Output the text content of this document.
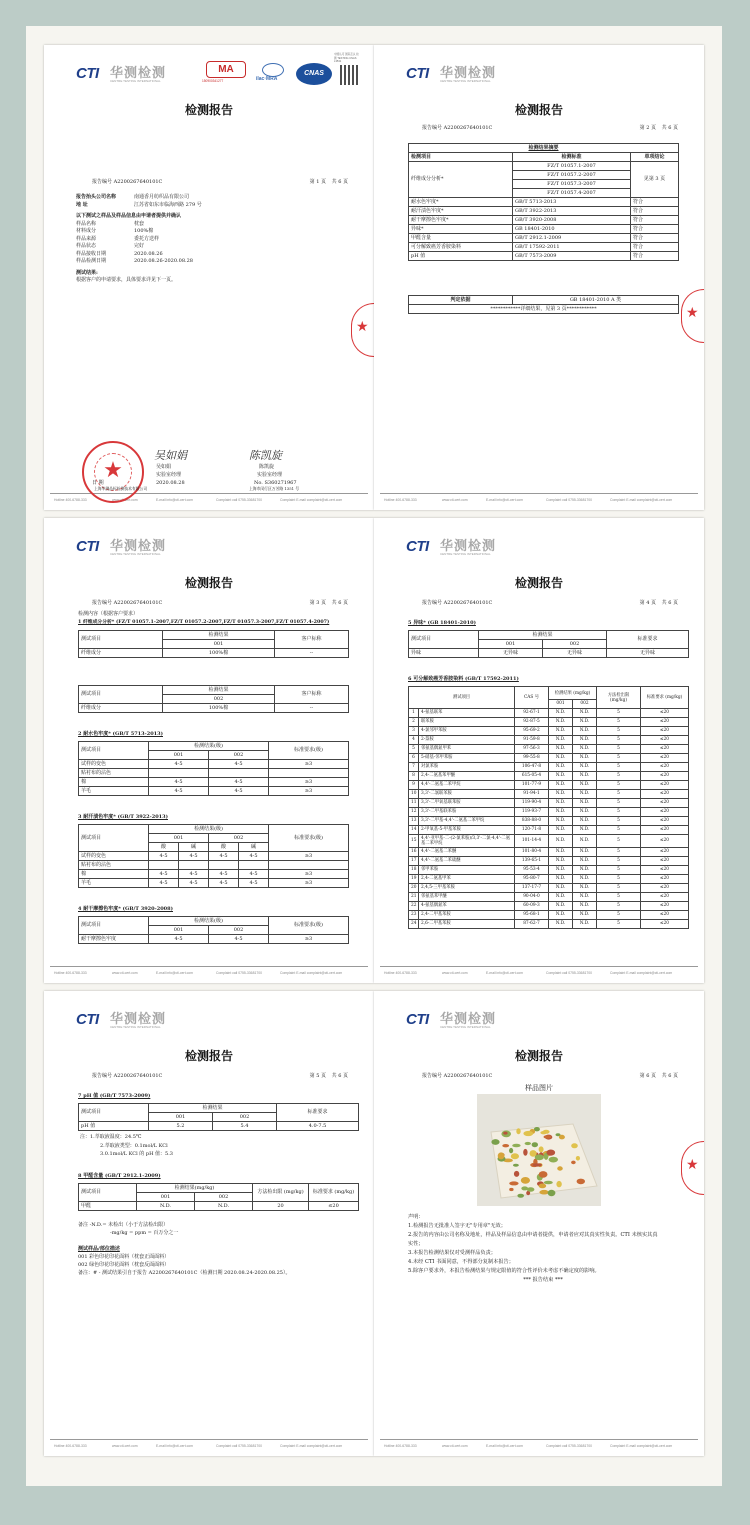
CTI 华测检测
CENTRE TESTING INTERNATIONAL
检测报告
Hotline 400-6788-333	www.cti-cert.com	E-mail info@cti-cert.com	Complaint call 0755-33681700	Complaint E-mail complaint@cti-cert.com
MA
150900341277	ilac·MRA
CNAS
中国认可 国际互认 检测 TESTING CNAS L3531
报告编号 A2200267640101C	第 1 页 共 6 页
报告抬头公司名称	南通香月纺织品有限公司
地 址	江苏省如东市临海西路 279 号
以下测试之样品及样品信息由申请者提供并确认
样品名称	枕套
材料成分	100%棉
样品来源	委托方送样
样品状态	完好
样品接收日期	2020.08.26
样品检测日期	2020.08.26-2020.08.28
测试结果:
根据客户的申请要求，具体要求详见下一页。
★
吴如娟	陈凯旋
★	吴如娟
实验室经理
2020.08.28
日 期
上海华测品标检测技术有限公司
陈凯旋
实验室经理
No. S360271967
上海市闵行区万芳路 1351 号
CTI 华测检测
CENTRE TESTING INTERNATIONAL
检测报告
Hotline 400-6788-333	www.cti-cert.com	E-mail info@cti-cert.com	Complaint call 0755-33681700	Complaint E-mail complaint@cti-cert.com
报告编号 A2200267640101C	第 2 页 共 6 页
检测结果摘要		
检测项目	检测标准	单项结论
纤维成分分析*	FZ/T 01057.1-2007	见第 3 页
	FZ/T 01057.2-2007	
	FZ/T 01057.3-2007	
	FZ/T 01057.4-2007	
耐水色牢度*	GB/T 5713-2013	符合
耐汗渍色牢度*	GB/T 3922-2013	符合
耐干摩擦色牢度*	GB/T 3920-2008	符合
异味*	GB 18401-2010	符合
甲醛含量	GB/T 2912.1-2009	符合
可分解致癌芳香胺染料	GB/T 17592-2011	符合
pH 值	GB/T 7573-2009	符合
判定依据	GB 18401-2010 A 类
************详细结果，见第 3 页************	★
CTI 华测检测
CENTRE TESTING INTERNATIONAL
检测报告
Hotline 400-6788-333	www.cti-cert.com	E-mail info@cti-cert.com	Complaint call 0755-33681700	Complaint E-mail complaint@cti-cert.com
报告编号 A2200267640101C	第 3 页 共 6 页
检测内容（根据客户要求）
1 纤维成分分析* (FZ/T 01057.1-2007,FZ/T 01057.2-2007,FZ/T 01057.3-2007,FZ/T 01057.4-2007)
测试项目	检测结果	客户标称
	001	
纤维成分	100%棉	--
测试项目	检测结果	客户标称
	002	
纤维成分	100%棉	--
2 耐水色牢度* (GB/T 5713-2013)
测试项目	检测结果(级)		标准要求(级)
	001	002	
试样的变色	4-5	4-5	≥3
贴衬布的沾色			
棉	4-5	4-5	≥3
羊毛	4-5	4-5	≥3
3 耐汗渍色牢度* (GB/T 3922-2013)
测试项目	检测结果(级)				标准要求(级)
	001		002		
	酸	碱	酸	碱	
试样的变色	4-5	4-5	4-5	4-5	≥3
贴衬布的沾色					
棉	4-5	4-5	4-5	4-5	≥3
羊毛	4-5	4-5	4-5	4-5	≥3
4 耐干摩擦色牢度* (GB/T 3920-2008)
测试项目	检测结果(级)		标准要求(级)
	001	002	
耐干摩擦色牢度	4-5	4-5	≥3
CTI 华测检测
CENTRE TESTING INTERNATIONAL
检测报告
Hotline 400-6788-333	www.cti-cert.com	E-mail info@cti-cert.com	Complaint call 0755-33681700	Complaint E-mail complaint@cti-cert.com
报告编号 A2200267640101C	第 4 页 共 6 页
5 异味* (GB 18401-2010)
测试项目	检测结果		标准要求
	001	002	
异味	无异味	无异味	无异味
6 可分解致癌芳香胺染料 (GB/T 17592-2011)
测试项目		CAS 号	检测结果 (mg/kg)		方法检出限 (mg/kg)	标准要求 (mg/kg)
			001	002		
1	4-氨基联苯	92-67-1	N.D.	N.D.	5	≤20
2	联苯胺	92-87-5	N.D.	N.D.	5	≤20
3	4-氯邻甲苯胺	95-69-2	N.D.	N.D.	5	≤20
4	2-萘胺	91-59-8	N.D.	N.D.	5	≤20
5	邻氨基偶氮甲苯	97-56-3	N.D.	N.D.	5	≤20
6	5-硝基-邻甲苯胺	99-55-8	N.D.	N.D.	5	≤20
7	对氯苯胺	106-47-8	N.D.	N.D.	5	≤20
8	2,4-二氨基苯甲醚	615-05-4	N.D.	N.D.	5	≤20
9	4,4'-二氨基二苯甲烷	101-77-9	N.D.	N.D.	5	≤20
10	3,3'-二氯联苯胺	91-94-1	N.D.	N.D.	5	≤20
11	3,3'-二甲氧基联苯胺	119-90-4	N.D.	N.D.	5	≤20
12	3,3'-二甲基联苯胺	119-93-7	N.D.	N.D.	5	≤20
13	3,3'-二甲基-4,4'-二氨基二苯甲烷	838-88-0	N.D.	N.D.	5	≤20
14	2-甲氧基-5-甲基苯胺	120-71-8	N.D.	N.D.	5	≤20
15	4,4'-亚甲基-二-(2-氯苯胺)/3,3'-二氯-4,4'-二氨基二苯甲烷	101-14-4	N.D.	N.D.	5	≤20
16	4,4'-二氨基二苯醚	101-80-4	N.D.	N.D.	5	≤20
17	4,4'-二氨基二苯硫醚	139-65-1	N.D.	N.D.	5	≤20
18	邻甲苯胺	95-53-4	N.D.	N.D.	5	≤20
19	2,4-二氨基甲苯	95-80-7	N.D.	N.D.	5	≤20
20	2,4,5-三甲基苯胺	137-17-7	N.D.	N.D.	5	≤20
21	邻氨基苯甲醚	90-04-0	N.D.	N.D.	5	≤20
22	4-氨基偶氮苯	60-09-3	N.D.	N.D.	5	≤20
23	2,4-二甲基苯胺	95-68-1	N.D.	N.D.	5	≤20
24	2,6-二甲基苯胺	87-62-7	N.D.	N.D.	5	≤20
CTI 华测检测
CENTRE TESTING INTERNATIONAL
检测报告
Hotline 400-6788-333	www.cti-cert.com	E-mail info@cti-cert.com	Complaint call 0755-33681700	Complaint E-mail complaint@cti-cert.com
报告编号 A2200267640101C	第 5 页 共 6 页
7 pH 值 (GB/T 7573-2009)
测试项目	检测结果		标准要求
	001	002	
pH 值	5.2	5.4	4.0-7.5
注：1.萃取液温度：24.5℃
2.萃取液类型：0.1mol/L KCl
3.0.1mol/L KCl 的 pH 值：5.3
8 甲醛含量 (GB/T 2912.1-2009)
测试项目	检测结果(mg/kg)		方法检出限 (mg/kg)	标准要求 (mg/kg)
	001	002		
甲醛	N.D.	N.D.	20	≤20
备注 -N.D.= 未检出（小于方法检出限）
-mg/kg = ppm = 百万分之一
测试样品/部位描述
001 彩色印花印花面料（枕套正面面料）
002 绿色印花印花面料（枕套反面面料）
备注：# - 测试结果引自于报告 A2200267640101C（检测日期 2020.08.24-2020.08.25）。
CTI 华测检测
CENTRE TESTING INTERNATIONAL
检测报告
Hotline 400-6788-333	www.cti-cert.com	E-mail info@cti-cert.com	Complaint call 0755-33681700	Complaint E-mail complaint@cti-cert.com
报告编号 A2200267640101C	第 6 页 共 6 页
样品图片
声明：
1.检测报告无批准人签字无"专用章"无效；
2.报告的内容由公司名称及地址，样品及样品信息由申请者提供，申请者应对其真实性负责。CTI 未核实其真
实性；
3.本报告检测结果仅对受测样品负责；
4.未经 CTI 书面同意，不得部分复制本报告；
5.除客户要求外，本报告检测结果与规定限值的符合性评价未考虑不确定度的影响。
*** 报告结束 ***
★
